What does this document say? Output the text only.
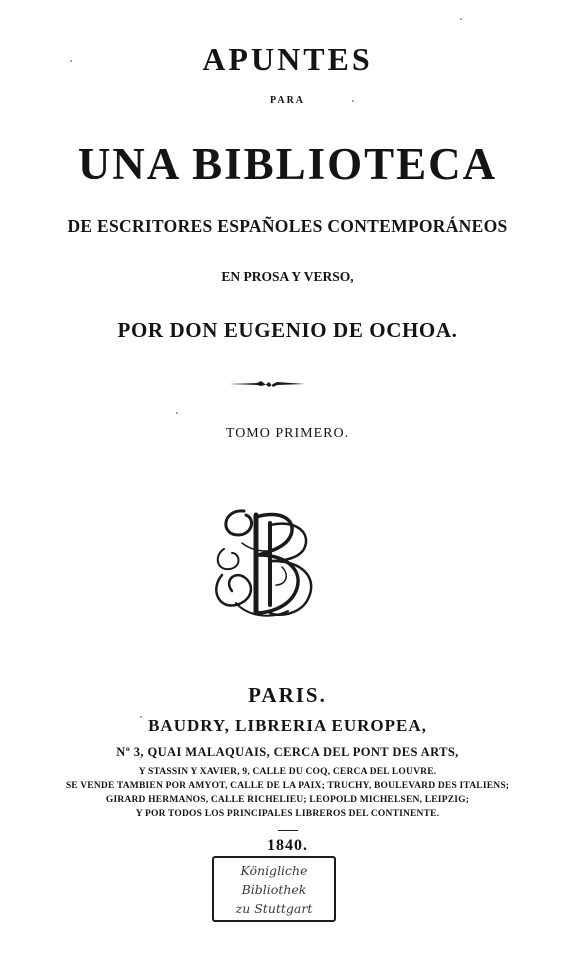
APUNTES
PARA
UNA BIBLIOTECA
DE ESCRITORES ESPAÑOLES CONTEMPORÁNEOS
EN PROSA Y VERSO,
POR DON EUGENIO DE OCHOA.
TOMO PRIMERO.
PARIS.
BAUDRY, LIBRERIA EUROPEA,
Nº 3, QUAI MALAQUAIS, CERCA DEL PONT DES ARTS,
Y STASSIN Y XAVIER, 9, CALLE DU COQ, CERCA DEL LOUVRE.
SE VENDE TAMBIEN POR AMYOT, CALLE DE LA PAIX; TRUCHY, BOULEVARD DES ITALIENS;
GIRARD HERMANOS, CALLE RICHELIEU; LEOPOLD MICHELSEN, LEIPZIG;
Y POR TODOS LOS PRINCIPALES LIBREROS DEL CONTINENTE.
1840.
Königliche
Bibliothek
zu Stuttgart
